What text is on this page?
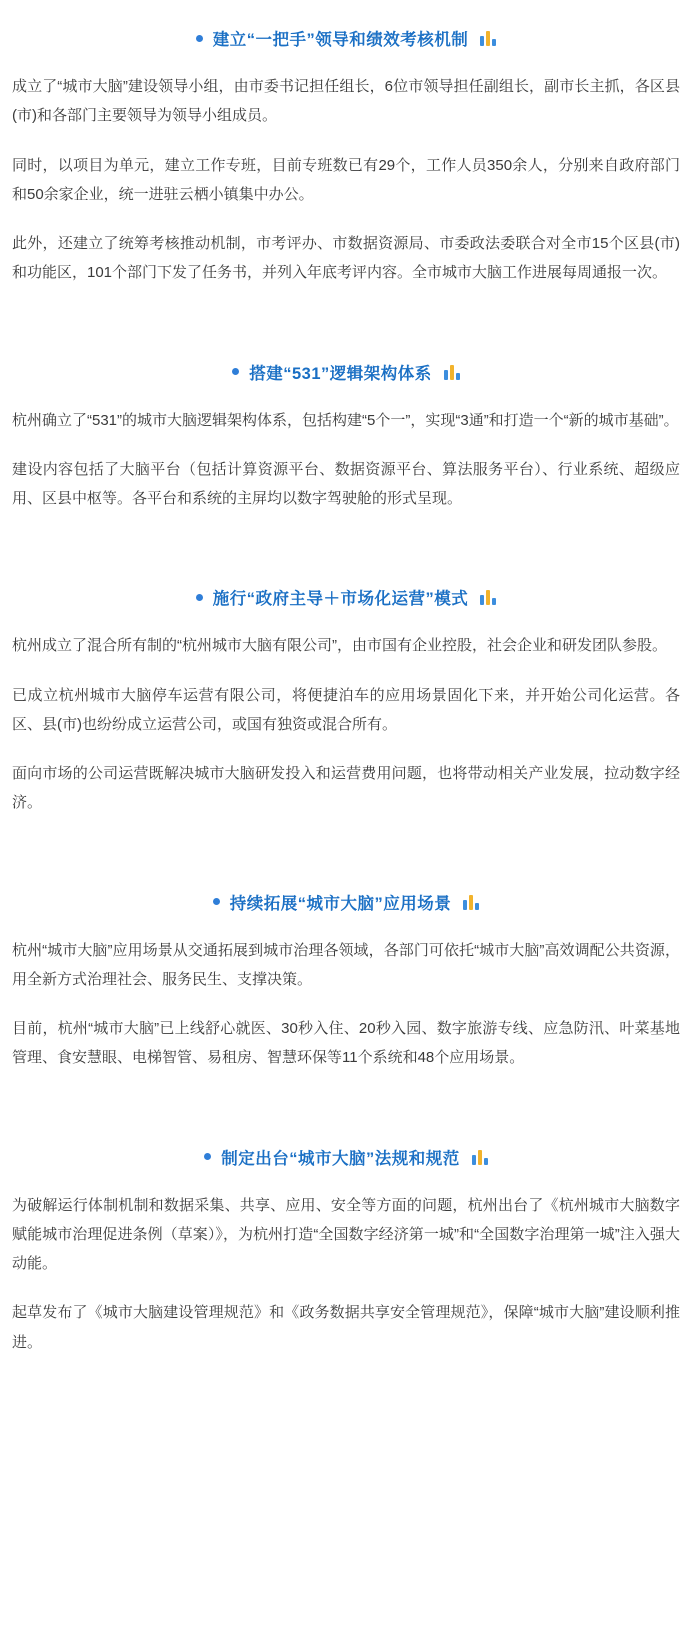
建立“一把手”领导和绩效考核机制

成立了“城市大脑”建设领导小组，由市委书记担任组长，6位市领导担任副组长，副市长主抓，各区县(市)和各部门主要领导为领导小组成员。

同时，以项目为单元，建立工作专班，目前专班数已有29个，工作人员350余人，分别来自政府部门和50余家企业，统一进驻云栖小镇集中办公。

此外，还建立了统筹考核推动机制，市考评办、市数据资源局、市委政法委联合对全市15个区县(市)和功能区，101个部门下发了任务书，并列入年底考评内容。全市城市大脑工作进展每周通报一次。

搭建“531”逻辑架构体系

杭州确立了“531”的城市大脑逻辑架构体系，包括构建“5个一”，实现“3通”和打造一个“新的城市基础”。

建设内容包括了大脑平台（包括计算资源平台、数据资源平台、算法服务平台）、行业系统、超级应用、区县中枢等。各平台和系统的主屏均以数字驾驶舱的形式呈现。

施行“政府主导＋市场化运营”模式

杭州成立了混合所有制的“杭州城市大脑有限公司”，由市国有企业控股，社会企业和研发团队参股。

已成立杭州城市大脑停车运营有限公司，将便捷泊车的应用场景固化下来，并开始公司化运营。各区、县(市)也纷纷成立运营公司，或国有独资或混合所有。

面向市场的公司运营既解决城市大脑研发投入和运营费用问题，也将带动相关产业发展，拉动数字经济。

持续拓展“城市大脑”应用场景

杭州“城市大脑”应用场景从交通拓展到城市治理各领域，各部门可依托“城市大脑”高效调配公共资源，用全新方式治理社会、服务民生、支撑决策。

目前，杭州“城市大脑”已上线舒心就医、30秒入住、20秒入园、数字旅游专线、应急防汛、叶菜基地管理、食安慧眼、电梯智管、易租房、智慧环保等11个系统和48个应用场景。

制定出台“城市大脑”法规和规范

为破解运行体制机制和数据采集、共享、应用、安全等方面的问题，杭州出台了《杭州城市大脑数字赋能城市治理促进条例（草案）》，为杭州打造“全国数字经济第一城”和“全国数字治理第一城”注入强大动能。

起草发布了《城市大脑建设管理规范》和《政务数据共享安全管理规范》，保障“城市大脑”建设顺利推进。
